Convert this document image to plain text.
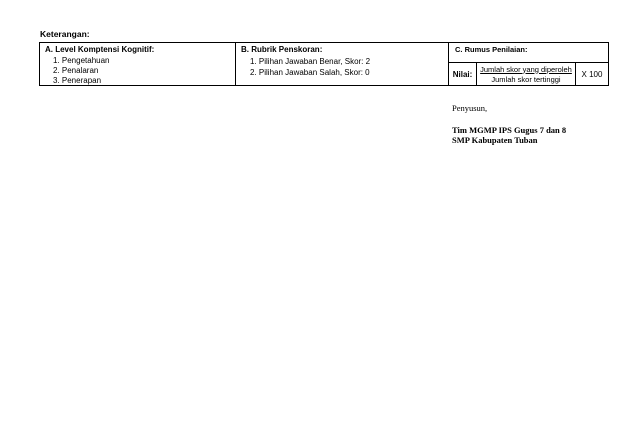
Keterangan:
A. Level Komptensi Kognitif:
1. Pengetahuan
2. Penalaran
3. Penerapan
B. Rubrik Penskoran:
1. Pilihan Jawaban Benar, Skor: 2
2. Pilihan Jawaban Salah, Skor: 0
C. Rumus Penilaian:
Nilai:
Jumlah skor yang diperoleh
Jumlah skor tertinggi	X 100
Penyusun,
Tim MGMP IPS Gugus 7 dan 8
SMP Kabupaten Tuban
